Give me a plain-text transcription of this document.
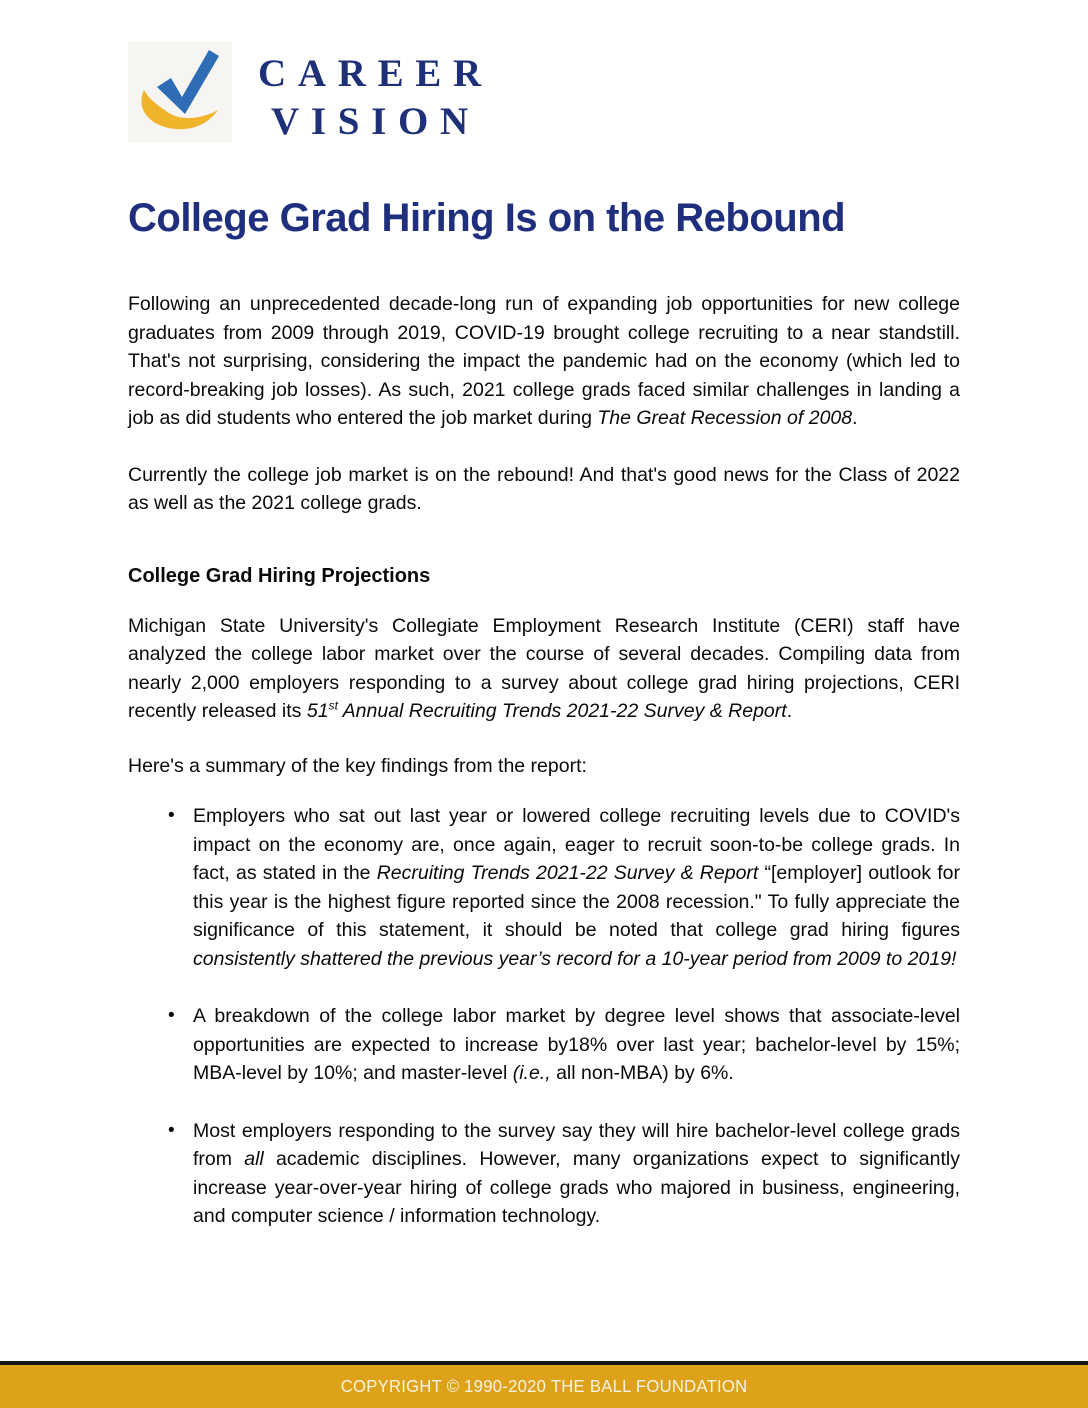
CAREER
VISION
College Grad Hiring Is on the Rebound

Following an unprecedented decade-long run of expanding job opportunities for new college graduates from 2009 through 2019, COVID-19 brought college recruiting to a near standstill. That's not surprising, considering the impact the pandemic had on the economy (which led to record-breaking job losses). As such, 2021 college grads faced similar challenges in landing a job as did students who entered the job market during The Great Recession of 2008.

Currently the college job market is on the rebound! And that's good news for the Class of 2022 as well as the 2021 college grads.

College Grad Hiring Projections

Michigan State University's Collegiate Employment Research Institute (CERI) staff have analyzed the college labor market over the course of several decades. Compiling data from nearly 2,000 employers responding to a survey about college grad hiring projections, CERI recently released its 51st Annual Recruiting Trends 2021-22 Survey & Report.

Here's a summary of the key findings from the report:

• Employers who sat out last year or lowered college recruiting levels due to COVID's impact on the economy are, once again, eager to recruit soon-to-be college grads. In fact, as stated in the Recruiting Trends 2021-22 Survey & Report “[employer] outlook for this year is the highest figure reported since the 2008 recession." To fully appreciate the significance of this statement, it should be noted that college grad hiring figures consistently shattered the previous year’s record for a 10-year period from 2009 to 2019!
• A breakdown of the college labor market by degree level shows that associate-level opportunities are expected to increase by18% over last year; bachelor-level by 15%; MBA-level by 10%; and master-level (i.e., all non-MBA) by 6%.
• Most employers responding to the survey say they will hire bachelor-level college grads from all academic disciplines. However, many organizations expect to significantly increase year-over-year hiring of college grads who majored in business, engineering, and computer science / information technology.
COPYRIGHT © 1990-2020 THE BALL FOUNDATION
